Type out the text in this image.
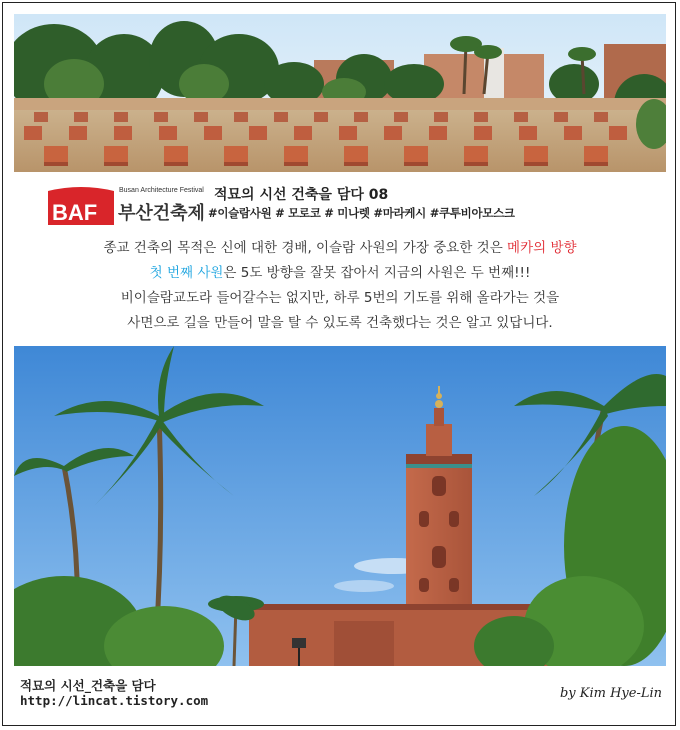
BAF
Busan Architecture Festival
부산건축제
적묘의 시선 건축을 담다 08
#이슬람사원 # 모로코 # 미나렛 #마라케시 #쿠투비아모스크
종교 건축의 목적은 신에 대한 경배, 이슬람 사원의 가장 중요한 것은 메카의 방향
첫 번째 사원은 5도 방향을 잘못 잡아서 지금의 사원은 두 번째!!!
비이슬람교도라 들어갈수는 없지만, 하루 5번의 기도를 위해 올라가는 것을
사면으로 길을 만들어 말을 탈 수 있도록 건축했다는 것은 알고 있답니다.
적묘의 시선_건축을 담다
http://lincat.tistory.com	by Kim Hye-Lin
